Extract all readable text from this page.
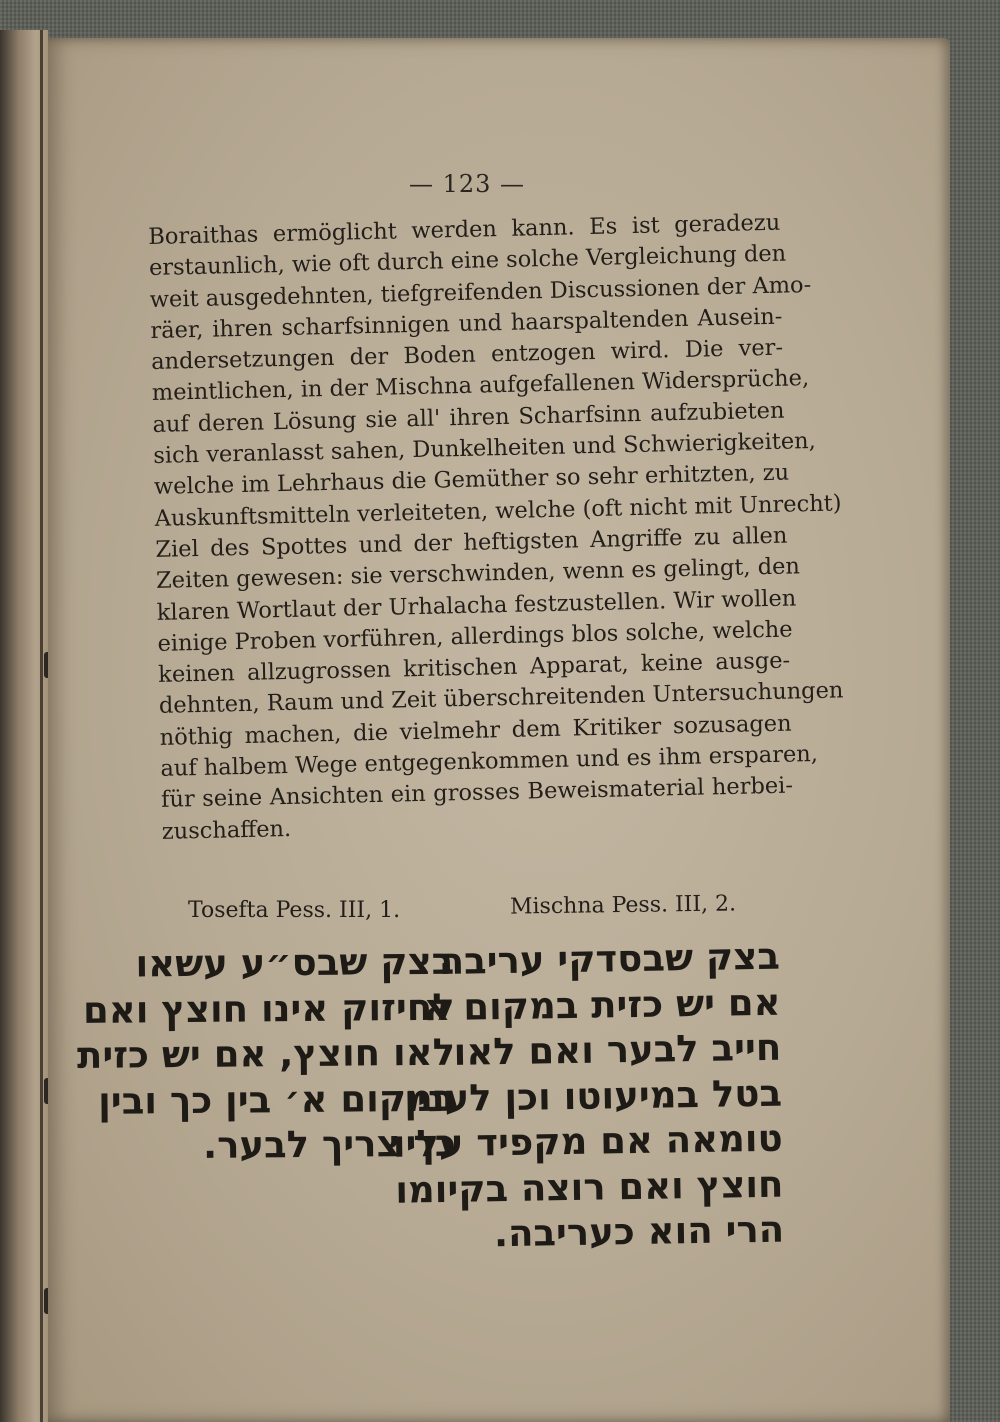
— 123 —
Boraithas ermöglicht werden kann. Es ist geradezu
erstaunlich, wie oft durch eine solche Vergleichung den
weit ausgedehnten, tiefgreifenden Discussionen der Amo-
räer, ihren scharfsinnigen und haarspaltenden Ausein-
andersetzungen der Boden entzogen wird. Die ver-
meintlichen, in der Mischna aufgefallenen Widersprüche,
auf deren Lösung sie all' ihren Scharfsinn aufzubieten
sich veranlasst sahen, Dunkelheiten und Schwierigkeiten,
welche im Lehrhaus die Gemüther so sehr erhitzten, zu
Auskunftsmitteln verleiteten, welche (oft nicht mit Unrecht)
Ziel des Spottes und der heftigsten Angriffe zu allen
Zeiten gewesen: sie verschwinden, wenn es gelingt, den
klaren Wortlaut der Urhalacha festzustellen. Wir wollen
einige Proben vorführen, allerdings blos solche, welche
keinen allzugrossen kritischen Apparat, keine ausge-
dehnten, Raum und Zeit überschreitenden Untersuchungen
nöthig machen, die vielmehr dem Kritiker sozusagen
auf halbem Wege entgegenkommen und es ihm ersparen,
für seine Ansichten ein grosses Beweismaterial herbei-
zuschaffen.
Tosefta Pess. III, 1.	Mischna Pess. III, 2.
בצק שבס״ע עשאו
לחיזוק אינו חוצץ ואם
לאו חוצץ, אם יש כזית
במקום א׳ בין כך ובין
כך צריך לבער.
בצק שבסדקי עריבה
אם יש כזית במקום א׳
חייב לבער ואם לאו
בטל במיעוטו וכן לענין
טומאה אם מקפיד עליו
חוצץ ואם רוצה בקיומו
הרי הוא כעריבה.
